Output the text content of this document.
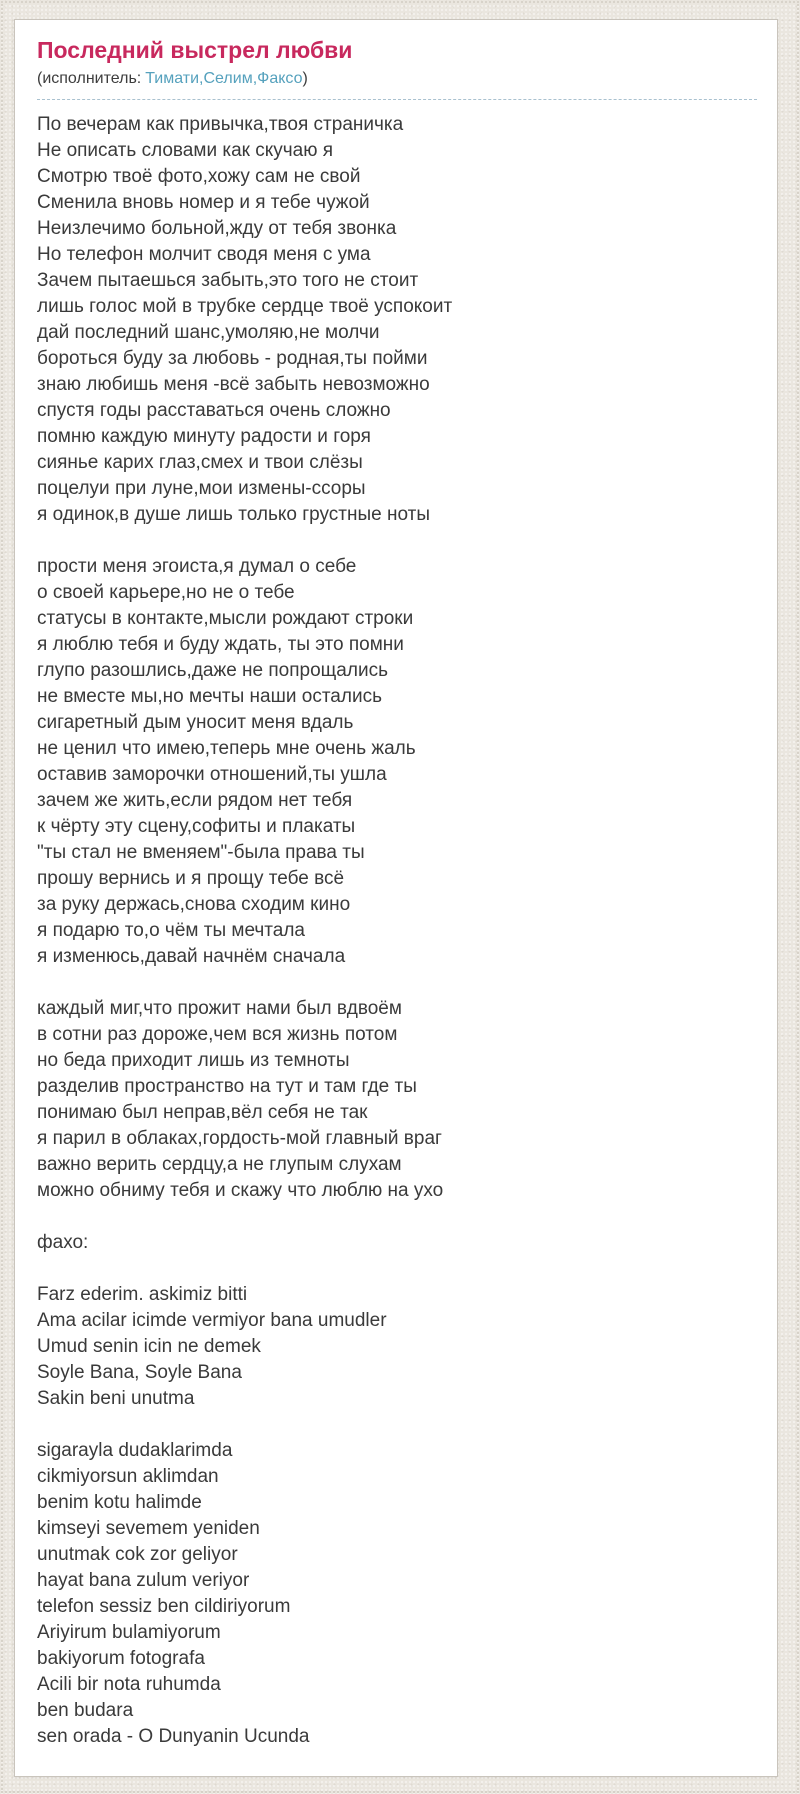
Последний выстрел любви
(исполнитель: Тимати,Селим,Факсо)
По вечерам как привычка,твоя страничка
Не описать словами как скучаю я
Смотрю твоё фото,хожу сам не свой
Сменила вновь номер и я тебе чужой
Неизлечимо больной,жду от тебя звонка
Но телефон молчит сводя меня с ума
Зачем пытаешься забыть,это того не стоит
лишь голос мой в трубке сердце твоё успокоит
дай последний шанс,умоляю,не молчи
бороться буду за любовь - родная,ты пойми
знаю любишь меня -всё забыть невозможно
спустя годы расставаться очень сложно
помню каждую минуту радости и горя
сиянье карих глаз,смех и твои слёзы
поцелуи при луне,мои измены-ссоры
я одинок,в душе лишь только грустные ноты
прости меня эгоиста,я думал о себе
о своей карьере,но не о тебе
статусы в контакте,мысли рождают строки
я люблю тебя и буду ждать, ты это помни
глупо разошлись,даже не попрощались
не вместе мы,но мечты наши остались
сигаретный дым уносит меня вдаль
не ценил что имею,теперь мне очень жаль
оставив заморочки отношений,ты ушла
зачем же жить,если рядом нет тебя
к чёрту эту сцену,софиты и плакаты
"ты стал не вменяем"-была права ты
прошу вернись и я прощу тебе всё
за руку держась,снова сходим кино
я подарю то,о чём ты мечтала
я изменюсь,давай начнём сначала
каждый миг,что прожит нами был вдвоём
в сотни раз дороже,чем вся жизнь потом
но беда приходит лишь из темноты
разделив пространство на тут и там где ты
понимаю был неправ,вёл себя не так
я парил в облаках,гордость-мой главный враг
важно верить сердцу,а не глупым слухам
можно обниму тебя и скажу что люблю на ухо
фахо:
Farz ederim. askimiz bitti
Ama acilar icimde vermiyor bana umudler
Umud senin icin ne demek
Soyle Bana, Soyle Bana
Sakin beni unutma
sigarayla dudaklarimda
cikmiyorsun aklimdan
benim kotu halimde
kimseyi sevemem yeniden
unutmak cok zor geliyor
hayat bana zulum veriyor
telefon sessiz ben cildiriyorum
Ariyirum bulamiyorum
bakiyorum fotografa
Acili bir nota ruhumda
ben budara
sen orada - O Dunyanin Ucunda
